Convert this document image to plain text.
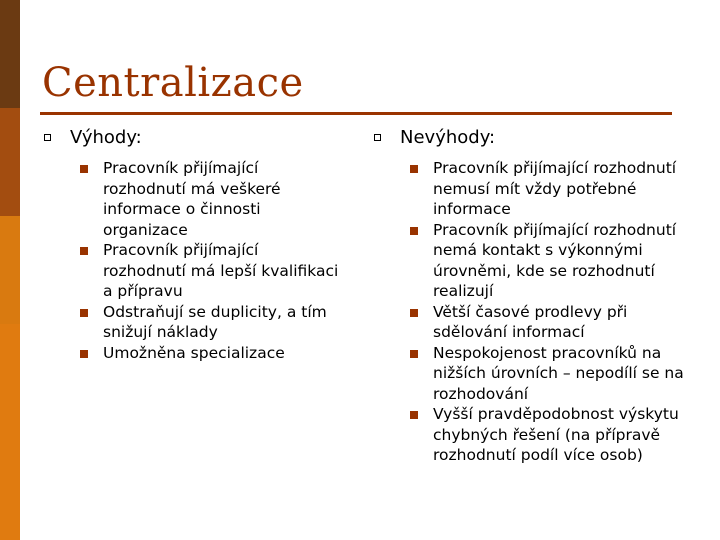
Centralizace
Výhody:
Pracovník přijímající rozhodnutí má veškeré informace o činnosti organizace
Pracovník přijímající rozhodnutí má lepší kvalifikaci a přípravu
Odstraňují se duplicity, a tím snižují náklady
Umožněna specializace
Nevýhody:
Pracovník přijímající rozhodnutí nemusí mít vždy potřebné informace
Pracovník přijímající rozhodnutí nemá kontakt s výkonnými úrovněmi, kde se rozhodnutí realizují
Větší časové prodlevy při sdělování informací
Nespokojenost pracovníků na nižších úrovních – nepodílí se na rozhodování
Vyšší pravděpodobnost výskytu chybných řešení (na přípravě rozhodnutí podíl více osob)
